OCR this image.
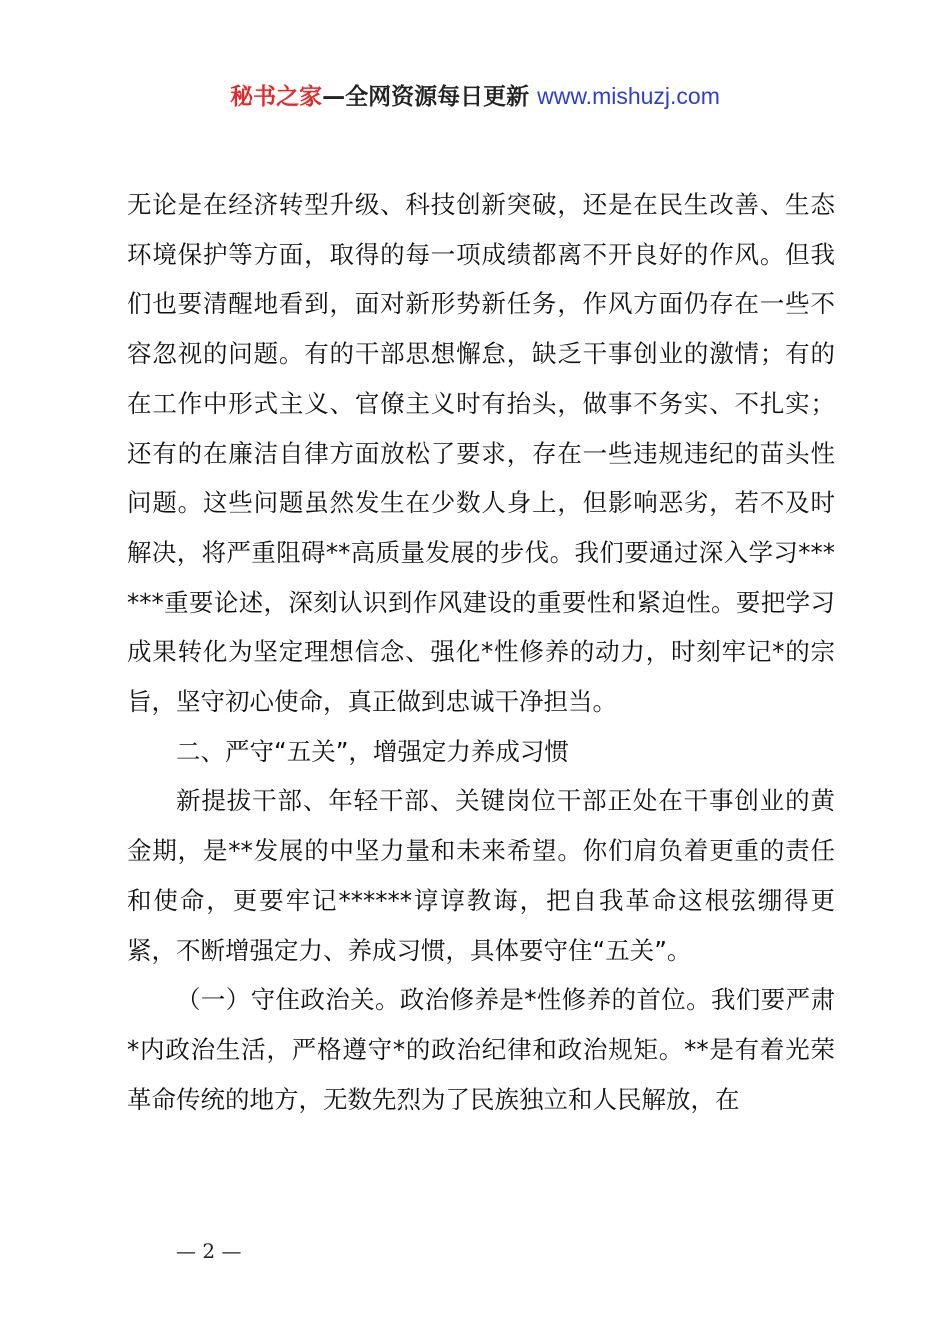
秘书之家—全网资源每日更新 www.mishuzj.com

无论是在经济转型升级、科技创新突破，还是在民生改善、生态环境保护等方面，取得的每一项成绩都离不开良好的作风。但我们也要清醒地看到，面对新形势新任务，作风方面仍存在一些不容忽视的问题。有的干部思想懈怠，缺乏干事创业的激情；有的在工作中形式主义、官僚主义时有抬头，做事不务实、不扎实；还有的在廉洁自律方面放松了要求，存在一些违规违纪的苗头性问题。这些问题虽然发生在少数人身上，但影响恶劣，若不及时解决，将严重阻碍**高质量发展的步伐。我们要通过深入学习******重要论述，深刻认识到作风建设的重要性和紧迫性。要把学习成果转化为坚定理想信念、强化*性修养的动力，时刻牢记*的宗旨，坚守初心使命，真正做到忠诚干净担当。

二、严守“五关”，增强定力养成习惯

新提拔干部、年轻干部、关键岗位干部正处在干事创业的黄金期，是**发展的中坚力量和未来希望。你们肩负着更重的责任和使命，更要牢记******谆谆教诲，把自我革命这根弦绷得更紧，不断增强定力、养成习惯，具体要守住“五关”。

（一）守住政治关。政治修养是*性修养的首位。我们要严肃*内政治生活，严格遵守*的政治纪律和政治规矩。**是有着光荣革命传统的地方，无数先烈为了民族独立和人民解放，在

— 2 —
